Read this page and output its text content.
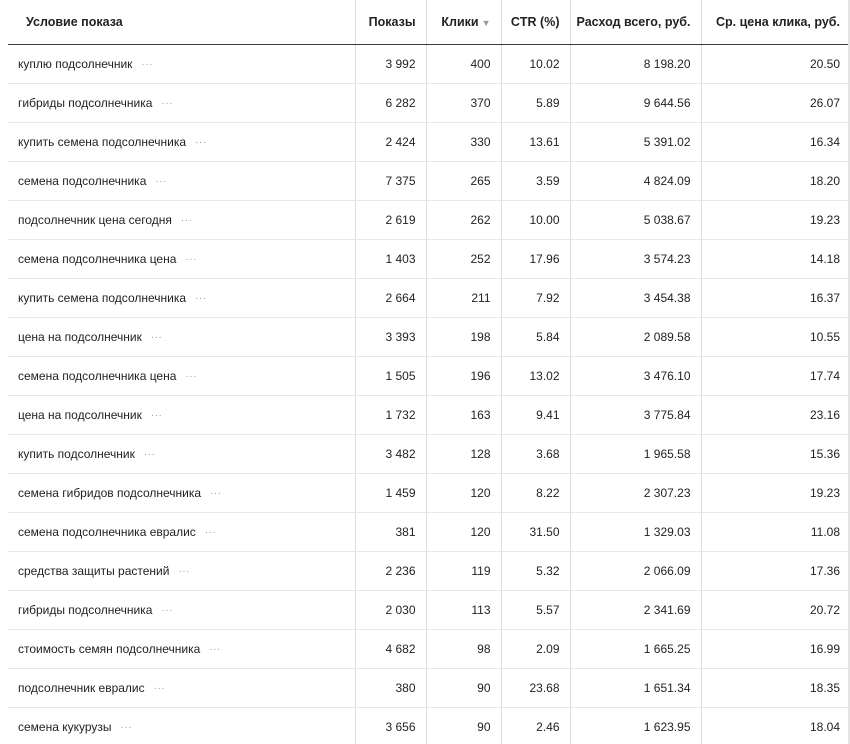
Условие показа	Показы	Клики ▼	CTR (%)	Расход всего, руб.	Ср. цена клика, руб.
куплю подсолнечник ···	3 992	400	10.02	8 198.20	20.50
гибриды подсолнечника ···	6 282	370	5.89	9 644.56	26.07
купить семена подсолнечника ···	2 424	330	13.61	5 391.02	16.34
семена подсолнечника ···	7 375	265	3.59	4 824.09	18.20
подсолнечник цена сегодня ···	2 619	262	10.00	5 038.67	19.23
семена подсолнечника цена ···	1 403	252	17.96	3 574.23	14.18
купить семена подсолнечника ···	2 664	211	7.92	3 454.38	16.37
цена на подсолнечник ···	3 393	198	5.84	2 089.58	10.55
семена подсолнечника цена ···	1 505	196	13.02	3 476.10	17.74
цена на подсолнечник ···	1 732	163	9.41	3 775.84	23.16
купить подсолнечник ···	3 482	128	3.68	1 965.58	15.36
семена гибридов подсолнечника ···	1 459	120	8.22	2 307.23	19.23
семена подсолнечника евралис ···	381	120	31.50	1 329.03	11.08
средства защиты растений ···	2 236	119	5.32	2 066.09	17.36
гибриды подсолнечника ···	2 030	113	5.57	2 341.69	20.72
стоимость семян подсолнечника ···	4 682	98	2.09	1 665.25	16.99
подсолнечник евралис ···	380	90	23.68	1 651.34	18.35
семена кукурузы ···	3 656	90	2.46	1 623.95	18.04
